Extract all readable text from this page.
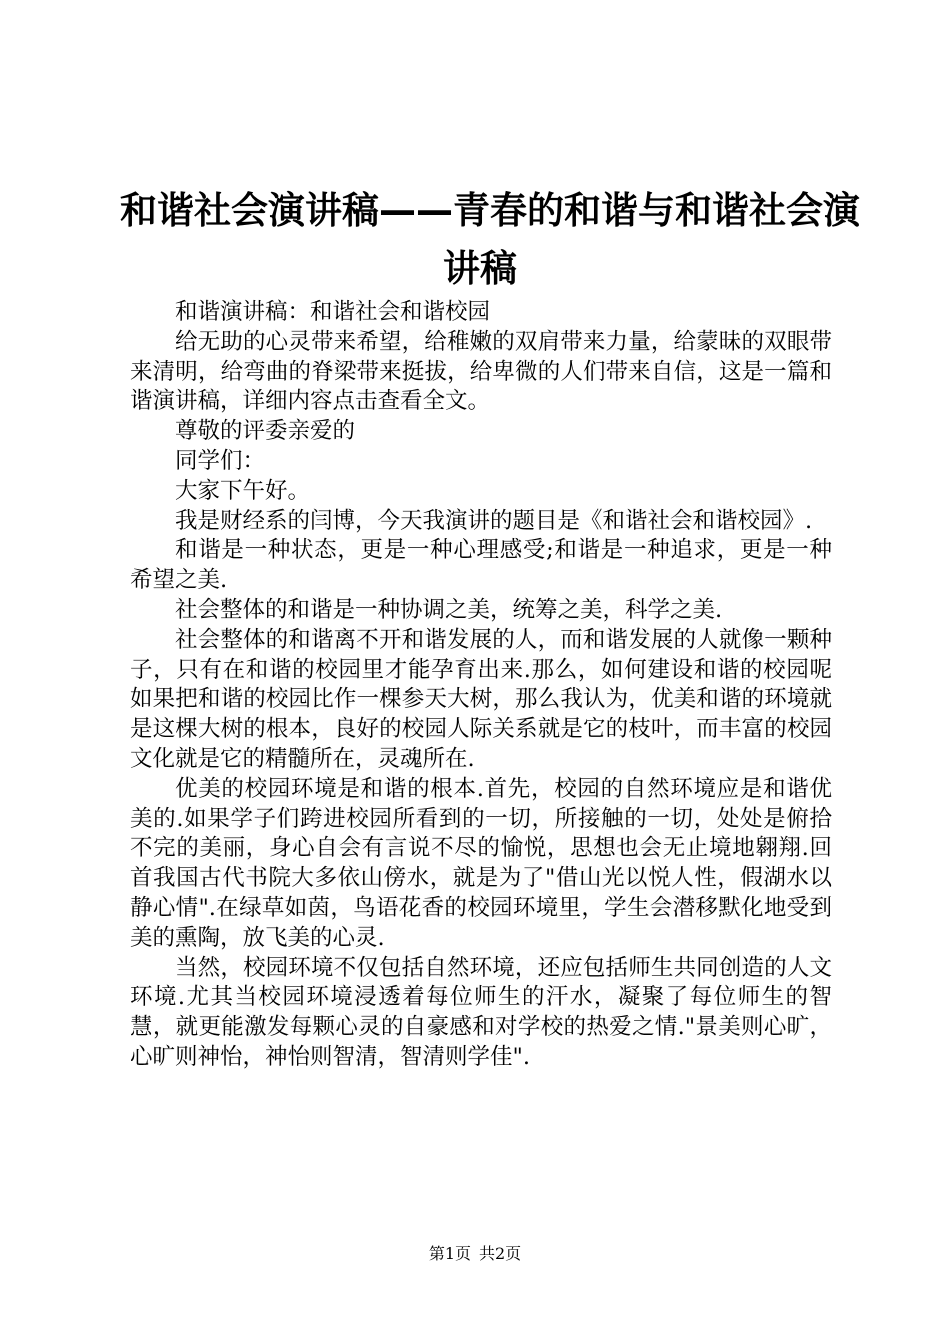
和谐社会演讲稿——青春的和谐与和谐社会演
讲稿

和谐演讲稿：和谐社会和谐校园

给无助的心灵带来希望，给稚嫩的双肩带来力量，给蒙昧的双眼带来清明，给弯曲的脊梁带来挺拔，给卑微的人们带来自信，这是一篇和谐演讲稿，详细内容点击查看全文。

尊敬的评委亲爱的

同学们：

大家下午好。

我是财经系的闫博，今天我演讲的题目是《和谐社会和谐校园》.

和谐是一种状态，更是一种心理感受;和谐是一种追求，更是一种希望之美.

社会整体的和谐是一种协调之美，统筹之美，科学之美.

社会整体的和谐离不开和谐发展的人，而和谐发展的人就像一颗种子，只有在和谐的校园里才能孕育出来.那么，如何建设和谐的校园呢如果把和谐的校园比作一棵参天大树，那么我认为，优美和谐的环境就是这棵大树的根本，良好的校园人际关系就是它的枝叶，而丰富的校园文化就是它的精髓所在，灵魂所在.

优美的校园环境是和谐的根本.首先，校园的自然环境应是和谐优美的.如果学子们跨进校园所看到的一切，所接触的一切，处处是俯拾不完的美丽，身心自会有言说不尽的愉悦，思想也会无止境地翱翔.回首我国古代书院大多依山傍水，就是为了"借山光以悦人性，假湖水以静心情".在绿草如茵，鸟语花香的校园环境里，学生会潜移默化地受到美的熏陶，放飞美的心灵.

当然，校园环境不仅包括自然环境，还应包括师生共同创造的人文环境.尤其当校园环境浸透着每位师生的汗水，凝聚了每位师生的智慧，就更能激发每颗心灵的自豪感和对学校的热爱之情."景美则心旷，心旷则神怡，神怡则智清，智清则学佳".

第1页 共2页
